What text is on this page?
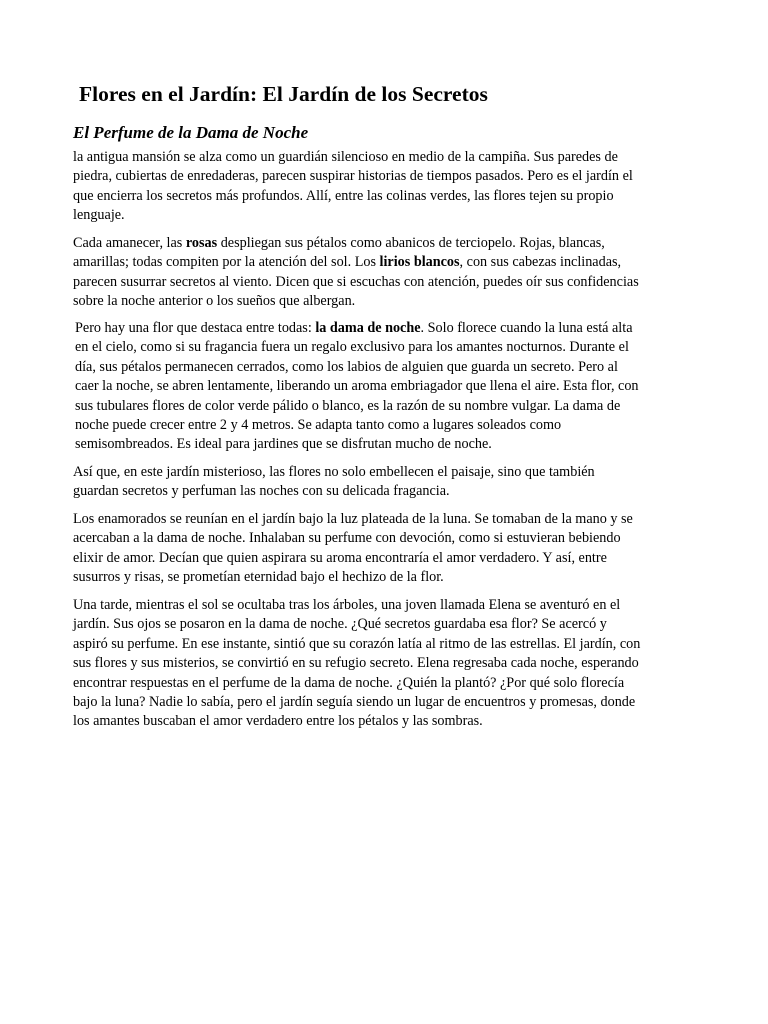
Flores en el Jardín: El Jardín de los Secretos
El Perfume de la Dama de Noche

la antigua mansión se alza como un guardián silencioso en medio de la campiña. Sus paredes de
piedra, cubiertas de enredaderas, parecen suspirar historias de tiempos pasados. Pero es el jardín el
que encierra los secretos más profundos. Allí, entre las colinas verdes, las flores tejen su propio
lenguaje.

Cada amanecer, las rosas despliegan sus pétalos como abanicos de terciopelo. Rojas, blancas,
amarillas; todas compiten por la atención del sol. Los lirios blancos, con sus cabezas inclinadas,
parecen susurrar secretos al viento. Dicen que si escuchas con atención, puedes oír sus confidencias
sobre la noche anterior o los sueños que albergan.

Pero hay una flor que destaca entre todas: la dama de noche. Solo florece cuando la luna está alta
en el cielo, como si su fragancia fuera un regalo exclusivo para los amantes nocturnos. Durante el
día, sus pétalos permanecen cerrados, como los labios de alguien que guarda un secreto. Pero al
caer la noche, se abren lentamente, liberando un aroma embriagador que llena el aire. Esta flor, con
sus tubulares flores de color verde pálido o blanco, es la razón de su nombre vulgar. La dama de
noche puede crecer entre 2 y 4 metros. Se adapta tanto como a lugares soleados como
semisombreados. Es ideal para jardines que se disfrutan mucho de noche.

Así que, en este jardín misterioso, las flores no solo embellecen el paisaje, sino que también
guardan secretos y perfuman las noches con su delicada fragancia.

Los enamorados se reunían en el jardín bajo la luz plateada de la luna. Se tomaban de la mano y se
acercaban a la dama de noche. Inhalaban su perfume con devoción, como si estuvieran bebiendo
elixir de amor. Decían que quien aspirara su aroma encontraría el amor verdadero. Y así, entre
susurros y risas, se prometían eternidad bajo el hechizo de la flor.

Una tarde, mientras el sol se ocultaba tras los árboles, una joven llamada Elena se aventuró en el
jardín. Sus ojos se posaron en la dama de noche. ¿Qué secretos guardaba esa flor? Se acercó y
aspiró su perfume. En ese instante, sintió que su corazón latía al ritmo de las estrellas. El jardín, con
sus flores y sus misterios, se convirtió en su refugio secreto. Elena regresaba cada noche, esperando
encontrar respuestas en el perfume de la dama de noche. ¿Quién la plantó? ¿Por qué solo florecía
bajo la luna? Nadie lo sabía, pero el jardín seguía siendo un lugar de encuentros y promesas, donde
los amantes buscaban el amor verdadero entre los pétalos y las sombras.
